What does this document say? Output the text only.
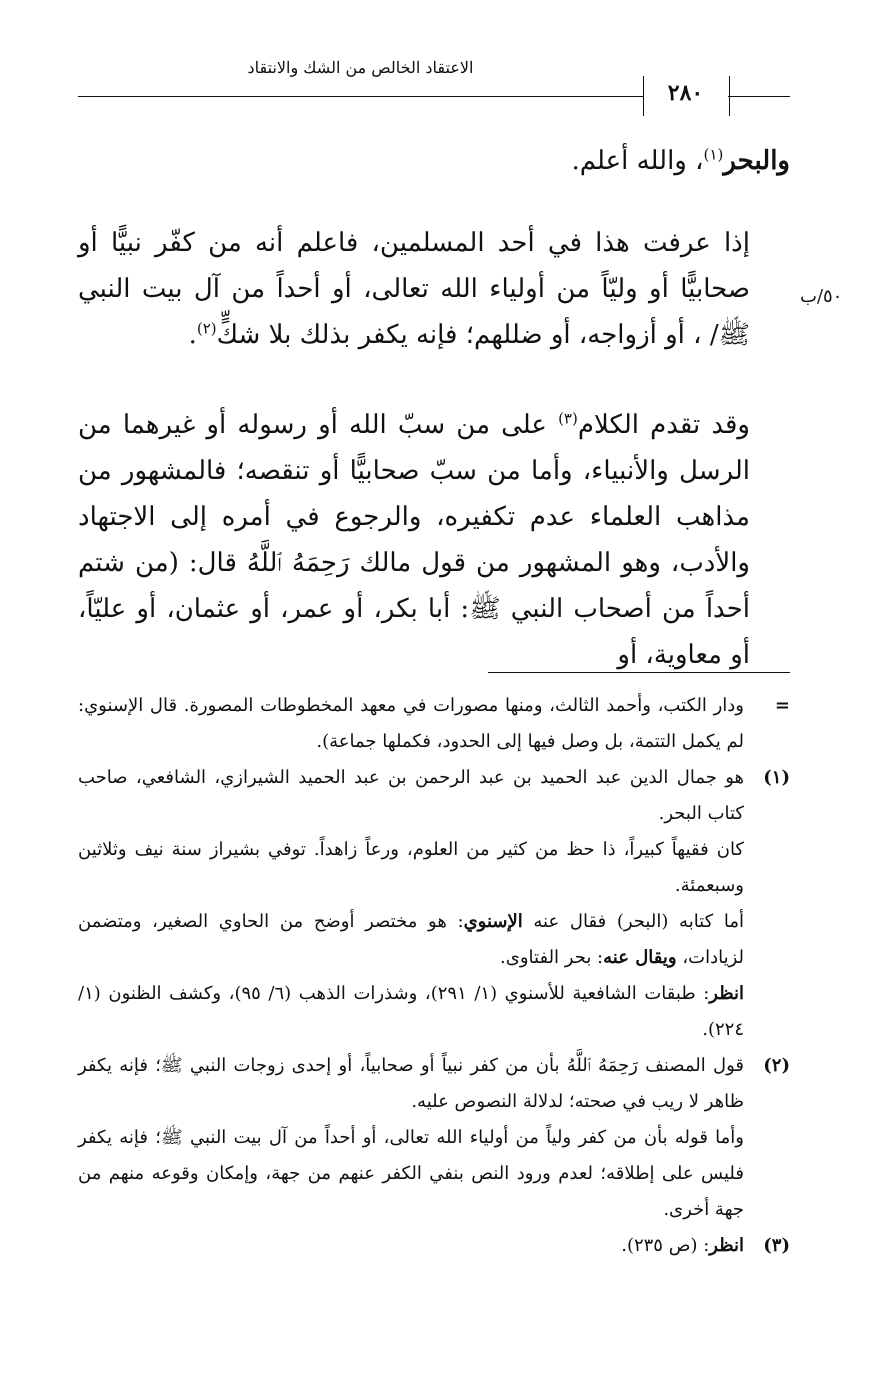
الاعتقاد الخالص من الشك والانتقاد
٢٨٠
٥٠/ب

والبحر$^{(١)}$، والله أعلم.

إذا عرفت هذا في أحد المسلمين، فاعلم أنه من كفّر نبيًّا أو صحابيًّا أو وليّاً من أولياء الله تعالى، أو أحداً من آل بيت النبي ﷺ/ ، أو أزواجه، أو ضللهم؛ فإنه يكفر بذلك بلا شكٍّ$^{(٢)}$.

وقد تقدم الكلام$^{(٣)}$ على من سبّ الله أو رسوله أو غيرهما من الرسل والأنبياء، وأما من سبّ صحابيًّا أو تنقصه؛ فالمشهور من مذاهب العلماء عدم تكفيره، والرجوع في أمره إلى الاجتهاد والأدب، وهو المشهور من قول مالك رَحِمَهُ ٱللَّهُ قال: (من شتم أحداً من أصحاب النبي ﷺ: أبا بكر، أو عمر، أو عثمان، أو عليّاً، أو معاوية، أو

=

ودار الكتب، وأحمد الثالث، ومنها مصورات في معهد المخطوطات المصورة. قال الإسنوي: لم يكمل التتمة، بل وصل فيها إلى الحدود، فكملها جماعة).

(١)

هو جمال الدين عبد الحميد بن عبد الرحمن بن عبد الحميد الشيرازي، الشافعي، صاحب كتاب البحر.

كان فقيهاً كبيراً، ذا حظ من كثير من العلوم، ورعاً زاهداً. توفي بشيراز سنة نيف وثلاثين وسبعمئة.

أما كتابه (البحر) فقال عنه الإسنوي: هو مختصر أوضح من الحاوي الصغير، ومتضمن لزيادات، ويقال عنه: بحر الفتاوى.

انظر: طبقات الشافعية للأسنوي (١/ ٢٩١)، وشذرات الذهب (٦/ ٩٥)، وكشف الظنون (١/ ٢٢٤).

(٢)

قول المصنف رَحِمَهُ ٱللَّهُ بأن من كفر نبياً أو صحابياً، أو إحدى زوجات النبي ﷺ؛ فإنه يكفر ظاهر لا ريب في صحته؛ لدلالة النصوص عليه.

وأما قوله بأن من كفر ولياً من أولياء الله تعالى، أو أحداً من آل بيت النبي ﷺ؛ فإنه يكفر فليس على إطلاقه؛ لعدم ورود النص بنفي الكفر عنهم من جهة، وإمكان وقوعه منهم من جهة أخرى.

(٣)

انظر: (ص ٢٣٥).
